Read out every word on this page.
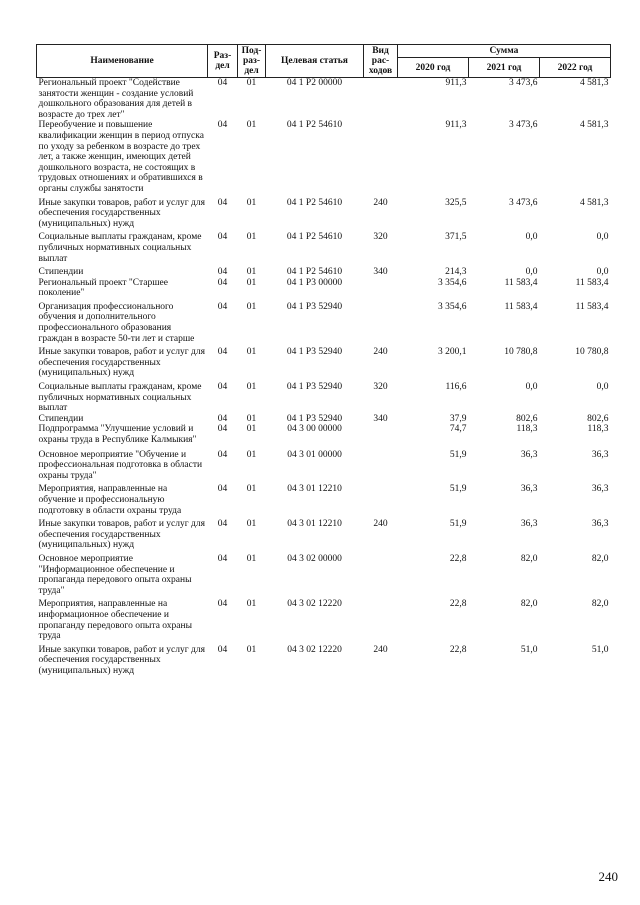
Наименование	Раз- дел	Под- раз- дел	Целевая статья	Вид рас- ходов	Сумма		
					2020 год	2021 год	2022 год
Региональный проект "Содействие занятости женщин - создание условий дошкольного образования для детей в возрасте до трех лет"	04	01	04 1 P2 00000		911,3	3 473,6	4 581,3
Переобучение и повышение квалификации женщин в период отпуска по уходу за ребенком в возрасте до трех лет, а также женщин, имеющих детей дошкольного возраста, не состоящих в трудовых отношениях и обратившихся в органы службы занятости	04	01	04 1 P2 54610		911,3	3 473,6	4 581,3
Иные закупки товаров, работ и услуг для обеспечения государственных (муниципальных) нужд	04	01	04 1 P2 54610	240	325,5	3 473,6	4 581,3
Социальные выплаты гражданам, кроме публичных нормативных социальных выплат	04	01	04 1 P2 54610	320	371,5	0,0	0,0
Стипендии	04	01	04 1 P2 54610	340	214,3	0,0	0,0
Региональный проект "Старшее поколение"	04	01	04 1 P3 00000		3 354,6	11 583,4	11 583,4
Организация профессионального обучения и дополнительного профессионального образования граждан в возрасте 50-ти лет и старше	04	01	04 1 P3 52940		3 354,6	11 583,4	11 583,4
Иные закупки товаров, работ и услуг для обеспечения государственных (муниципальных) нужд	04	01	04 1 P3 52940	240	3 200,1	10 780,8	10 780,8
Социальные выплаты гражданам, кроме публичных нормативных социальных выплат	04	01	04 1 P3 52940	320	116,6	0,0	0,0
Стипендии	04	01	04 1 P3 52940	340	37,9	802,6	802,6
Подпрограмма "Улучшение условий и охраны труда в Республике Калмыкия"	04	01	04 3 00 00000		74,7	118,3	118,3
Основное мероприятие "Обучение и профессиональная подготовка в области охраны труда"	04	01	04 3 01 00000		51,9	36,3	36,3
Мероприятия, направленные на обучение и профессиональную подготовку в области охраны труда	04	01	04 3 01 12210		51,9	36,3	36,3
Иные закупки товаров, работ и услуг для обеспечения государственных (муниципальных) нужд	04	01	04 3 01 12210	240	51,9	36,3	36,3
Основное мероприятие "Информационное обеспечение и пропаганда передового опыта охраны труда"	04	01	04 3 02 00000		22,8	82,0	82,0
Мероприятия, направленные на информационное обеспечение и пропаганду передового опыта охраны труда	04	01	04 3 02 12220		22,8	82,0	82,0
Иные закупки товаров, работ и услуг для обеспечения государственных (муниципальных) нужд	04	01	04 3 02 12220	240	22,8	51,0	51,0
240
